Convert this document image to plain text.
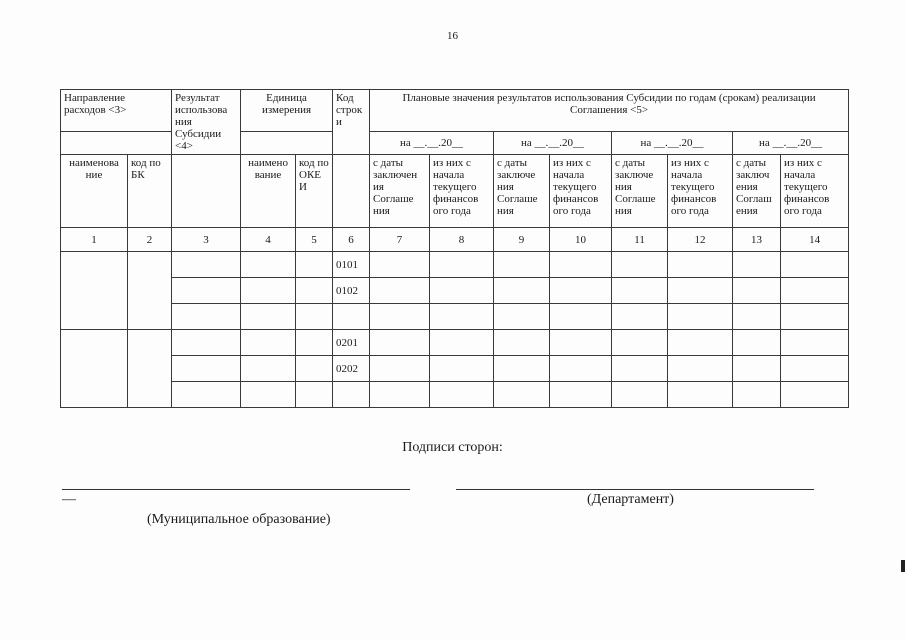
16
Направление расходов <3>		Результат использова ния Субсидии <4>	Единица измерения		Код строк и	Плановые значения результатов использования Субсидии по годам (срокам) реализации Соглашения <5>							
						на __.__.20__		на __.__.20__		на __.__.20__		на __.__.20__	
наименова ние	код по БК		наимено вание	код по ОКЕ И		с даты заключен ия Соглаше ния	из них с начала текущего финансов ого года	с даты заключе ния Соглаше ния	из них с начала текущего финансов ого года	с даты заключе ния Соглаше ния	из них с начала текущего финансов ого года	с даты заключ ения Соглаш ения	из них с начала текущего финансов ого года
1	2	3	4	5	6	7	8	9	10	11	12	13	14
					0101								
					0102								

					0201								
					0202								

Подписи сторон:
—	(Департамент)
(Муниципальное образование)
